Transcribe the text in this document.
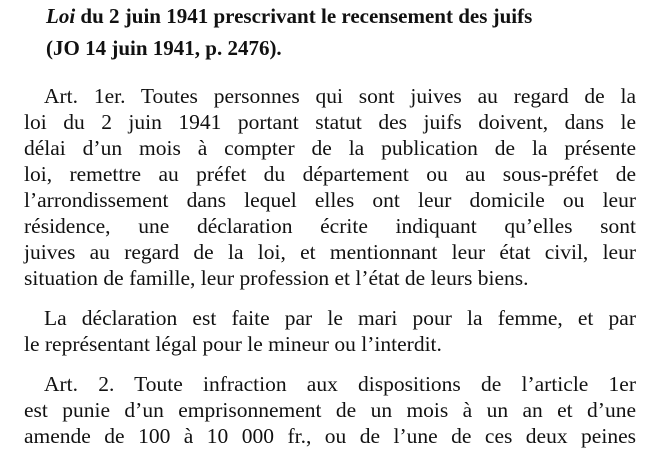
Loi du 2 juin 1941 prescrivant le recensement des juifs
(JO 14 juin 1941, p. 2476).
Art. 1er. Toutes personnes qui sont juives au regard de la
loi du 2 juin 1941 portant statut des juifs doivent, dans le
délai d’un mois à compter de la publication de la présente
loi, remettre au préfet du département ou au sous-préfet de
l’arrondissement dans lequel elles ont leur domicile ou leur
résidence, une déclaration écrite indiquant qu’elles sont
juives au regard de la loi, et mentionnant leur état civil, leur
situation de famille, leur profession et l’état de leurs biens.
La déclaration est faite par le mari pour la femme, et par
le représentant légal pour le mineur ou l’interdit.
Art. 2. Toute infraction aux dispositions de l’article 1er
est punie d’un emprisonnement de un mois à un an et d’une
amende de 100 à 10 000 fr., ou de l’une de ces deux peines
